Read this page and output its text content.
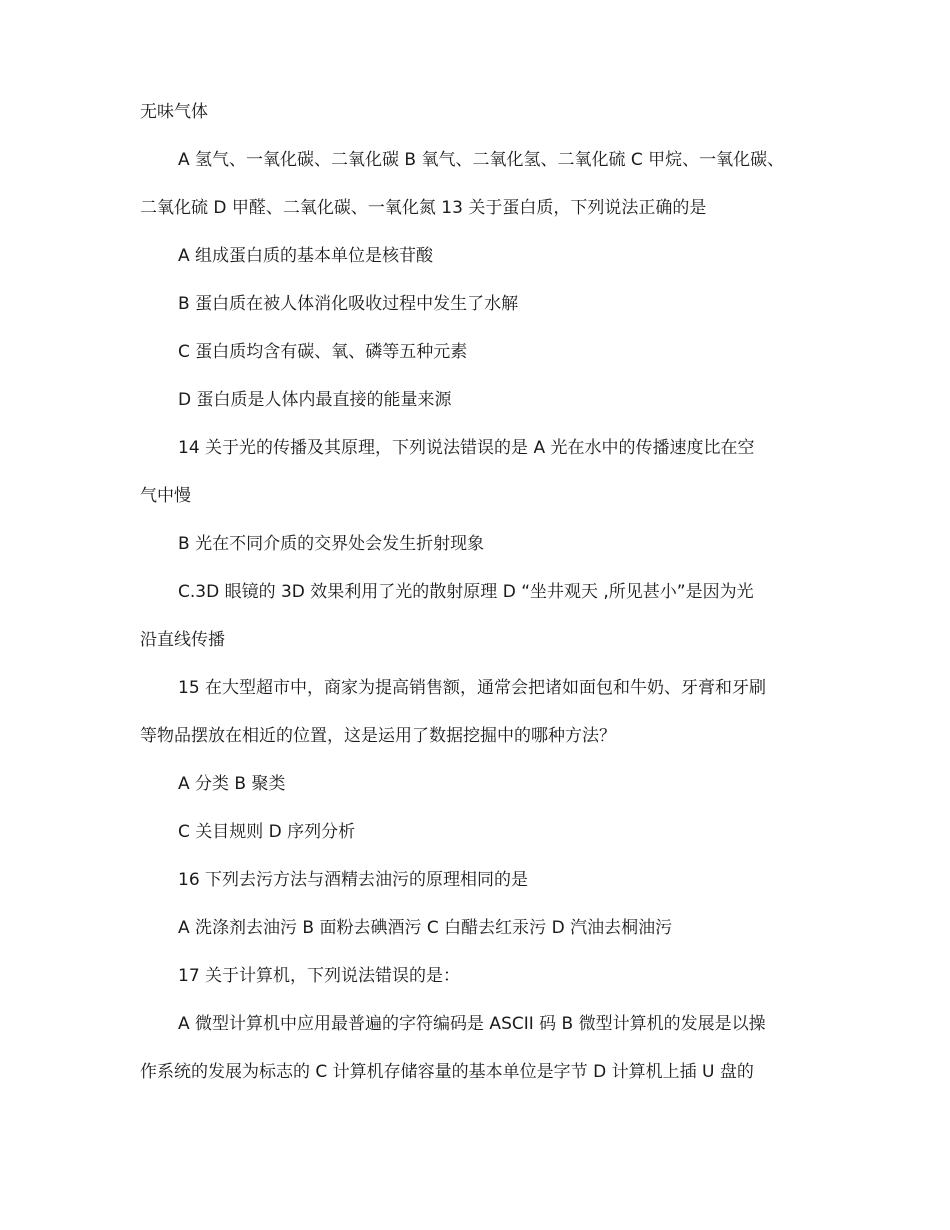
无味气体
A 氢气、一氧化碳、二氧化碳 B 氧气、二氧化氢、二氧化硫 C 甲烷、一氧化碳、
二氧化硫 D 甲醛、二氧化碳、一氧化氮 13 关于蛋白质，下列说法正确的是
A 组成蛋白质的基本单位是核苷酸
B 蛋白质在被人体消化吸收过程中发生了水解
C 蛋白质均含有碳、氧、磷等五种元素
D 蛋白质是人体内最直接的能量来源
14 关于光的传播及其原理，下列说法错误的是 A 光在水中的传播速度比在空
气中慢
B 光在不同介质的交界处会发生折射现象
C.3D 眼镜的 3D 效果利用了光的散射原理 D “坐井观天 ,所见甚小”是因为光
沿直线传播
15 在大型超市中，商家为提高销售额，通常会把诸如面包和牛奶、牙膏和牙刷
等物品摆放在相近的位置，这是运用了数据挖掘中的哪种方法？
A 分类 B 聚类
C 关目规则 D 序列分析
16 下列去污方法与酒精去油污的原理相同的是
A 洗涤剂去油污 B 面粉去碘酒污 C 白醋去红汞污 D 汽油去桐油污
17 关于计算机，下列说法错误的是：
A 微型计算机中应用最普遍的字符编码是 ASCII 码 B 微型计算机的发展是以操
作系统的发展为标志的 C 计算机存储容量的基本单位是字节 D 计算机上插 U 盘的
